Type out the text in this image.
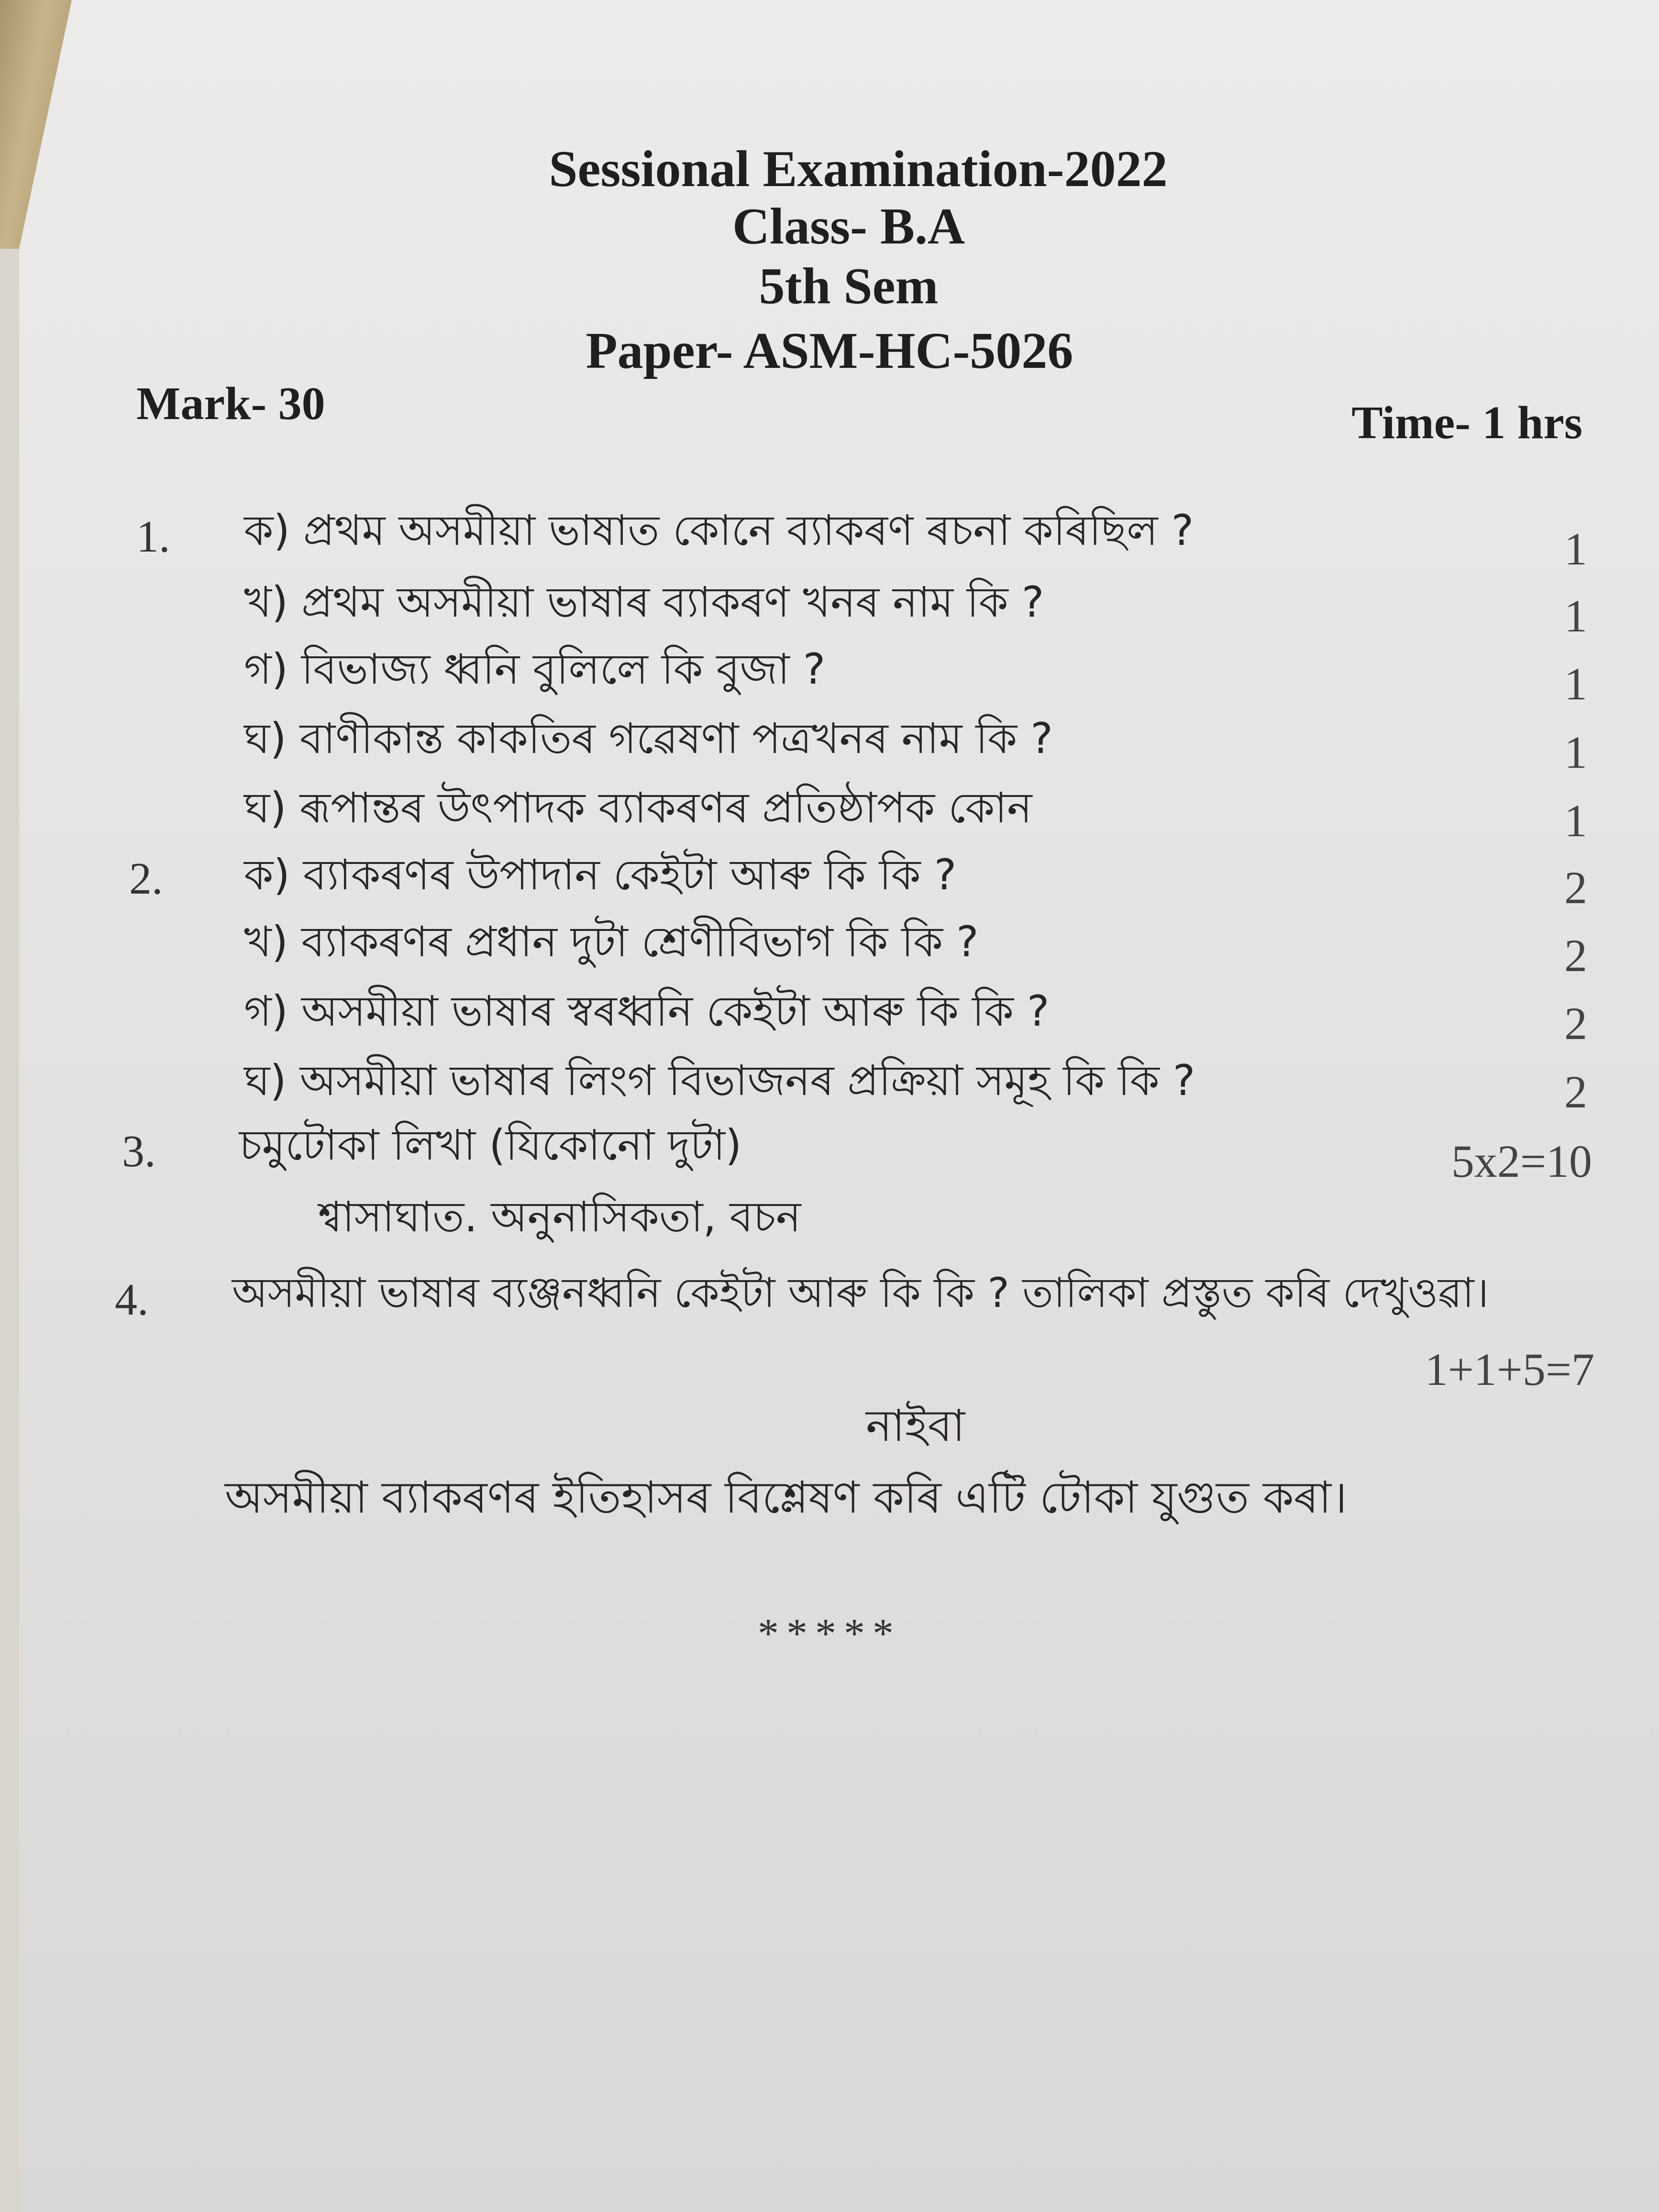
Sessional Examination-2022
Class- B.A
5th Sem
Paper- ASM-HC-5026
Mark- 30	Time- 1 hrs
1. ক) প্ৰথম অসমীয়া ভাষাত কোনে ব্যাকৰণ ৰচনা কৰিছিল ?	1
খ) প্ৰথম অসমীয়া ভাষাৰ ব্যাকৰণ খনৰ নাম কি ?	1
গ) বিভাজ্য ধ্বনি বুলিলে কি বুজা ?	1
ঘ) বাণীকান্ত কাকতিৰ গৱেষণা পত্ৰখনৰ নাম কি ?	1
ঘ) ৰূপান্তৰ উৎপাদক ব্যাকৰণৰ প্ৰতিষ্ঠাপক কোন	1
2. ক) ব্যাকৰণৰ উপাদান কেইটা আৰু কি কি ?	2
খ) ব্যাকৰণৰ প্ৰধান দুটা শ্ৰেণীবিভাগ কি কি ?	2
গ) অসমীয়া ভাষাৰ স্বৰধ্বনি কেইটা আৰু কি কি ?	2
ঘ) অসমীয়া ভাষাৰ লিংগ বিভাজনৰ প্ৰক্ৰিয়া সমূহ কি কি ?	2
3. চমুটোকা লিখা (যিকোনো দুটা)	5x2=10
শ্বাসাঘাত. অনুনাসিকতা, বচন
4. অসমীয়া ভাষাৰ ব্যঞ্জনধ্বনি কেইটা আৰু কি কি ? তালিকা প্ৰস্তুত কৰি দেখুওৱা।
1+1+5=7
নাইবা
অসমীয়া ব্যাকৰণৰ ইতিহাসৰ বিশ্লেষণ কৰি এটি টোকা যুগুত কৰা।
*****
